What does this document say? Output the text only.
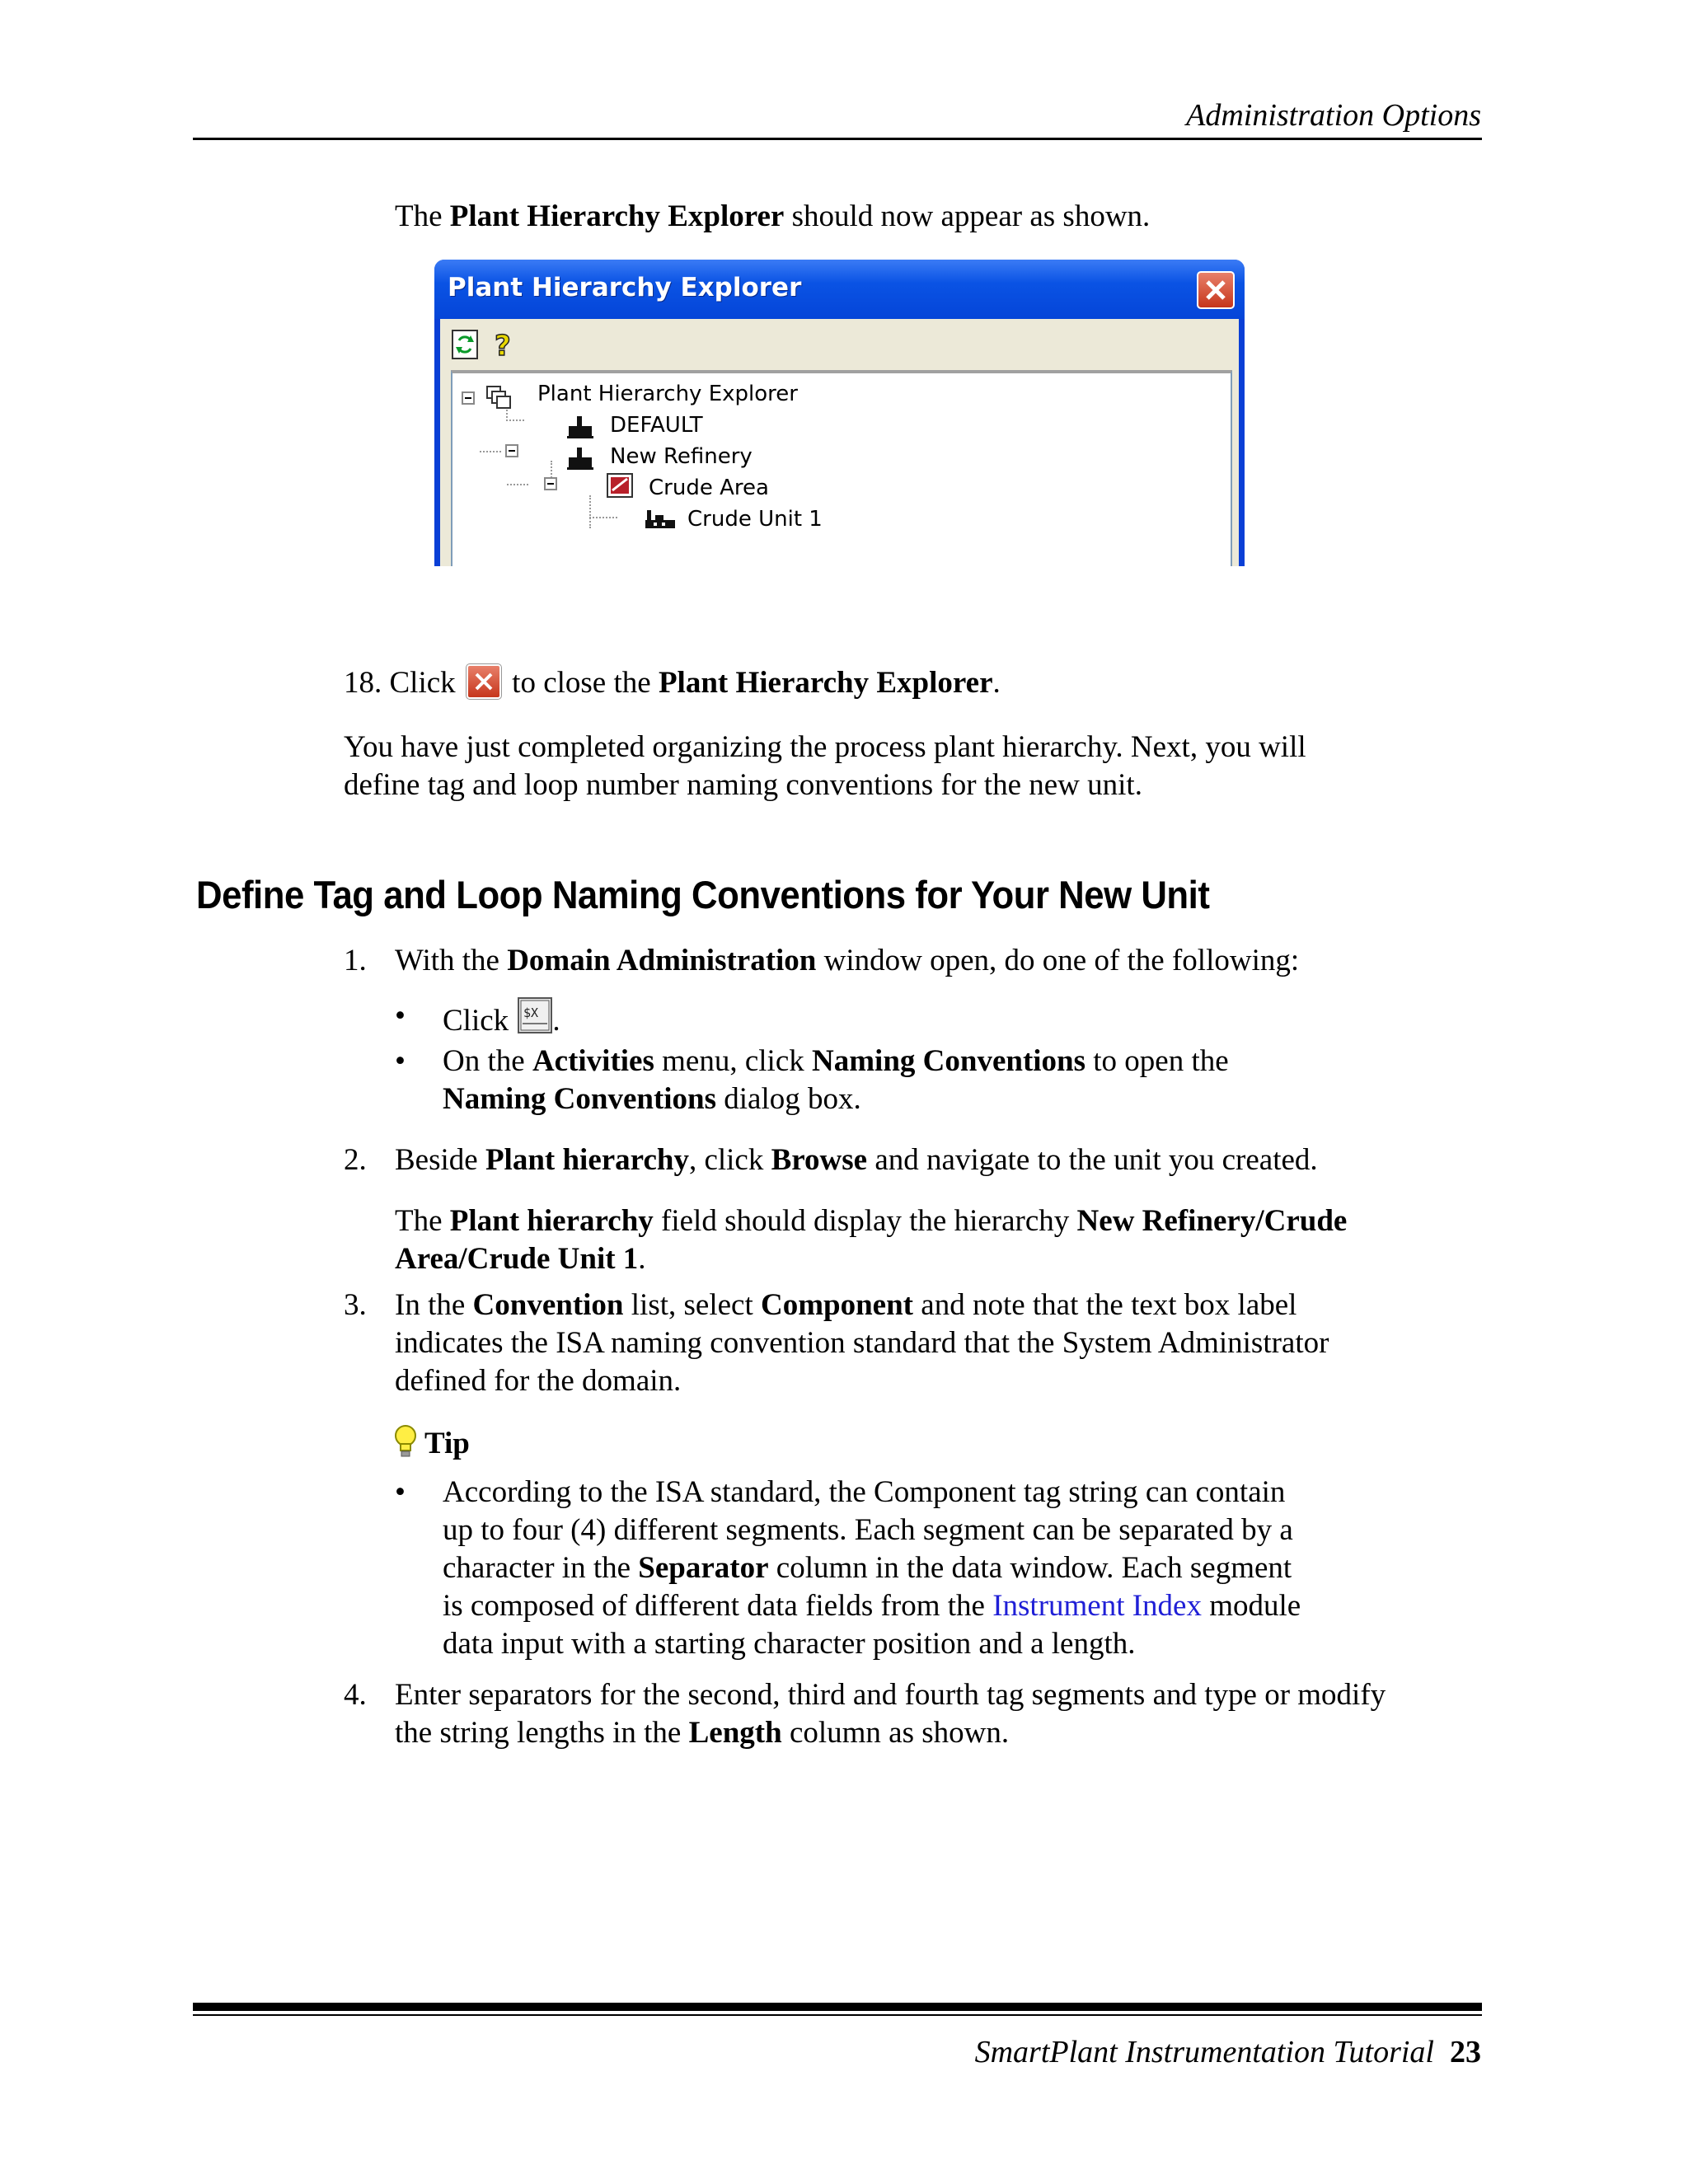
Administration Options
The Plant Hierarchy Explorer should now appear as shown.
Plant Hierarchy Explorer
?
Plant Hierarchy Explorer
DEFAULT
New Refinery
Crude Area
Crude Unit 1
18. Click
to close the Plant Hierarchy Explorer.
You have just completed organizing the process plant hierarchy. Next, you will
define tag and loop number naming conventions for the new unit.
Define Tag and Loop Naming Conventions for Your New Unit
1. With the Domain Administration window open, do one of the following:
• Click $X .
• On the Activities menu, click Naming Conventions to open the
Naming Conventions dialog box.
2. Beside Plant hierarchy, click Browse and navigate to the unit you created.
The Plant hierarchy field should display the hierarchy New Refinery/Crude
Area/Crude Unit 1.
3. In the Convention list, select Component and note that the text box label
indicates the ISA naming convention standard that the System Administrator
defined for the domain.
Tip
• According to the ISA standard, the Component tag string can contain
up to four (4) different segments. Each segment can be separated by a
character in the Separator column in the data window. Each segment
is composed of different data fields from the Instrument Index module
data input with a starting character position and a length.
4. Enter separators for the second, third and fourth tag segments and type or modify
the string lengths in the Length column as shown.
SmartPlant Instrumentation Tutorial 23
